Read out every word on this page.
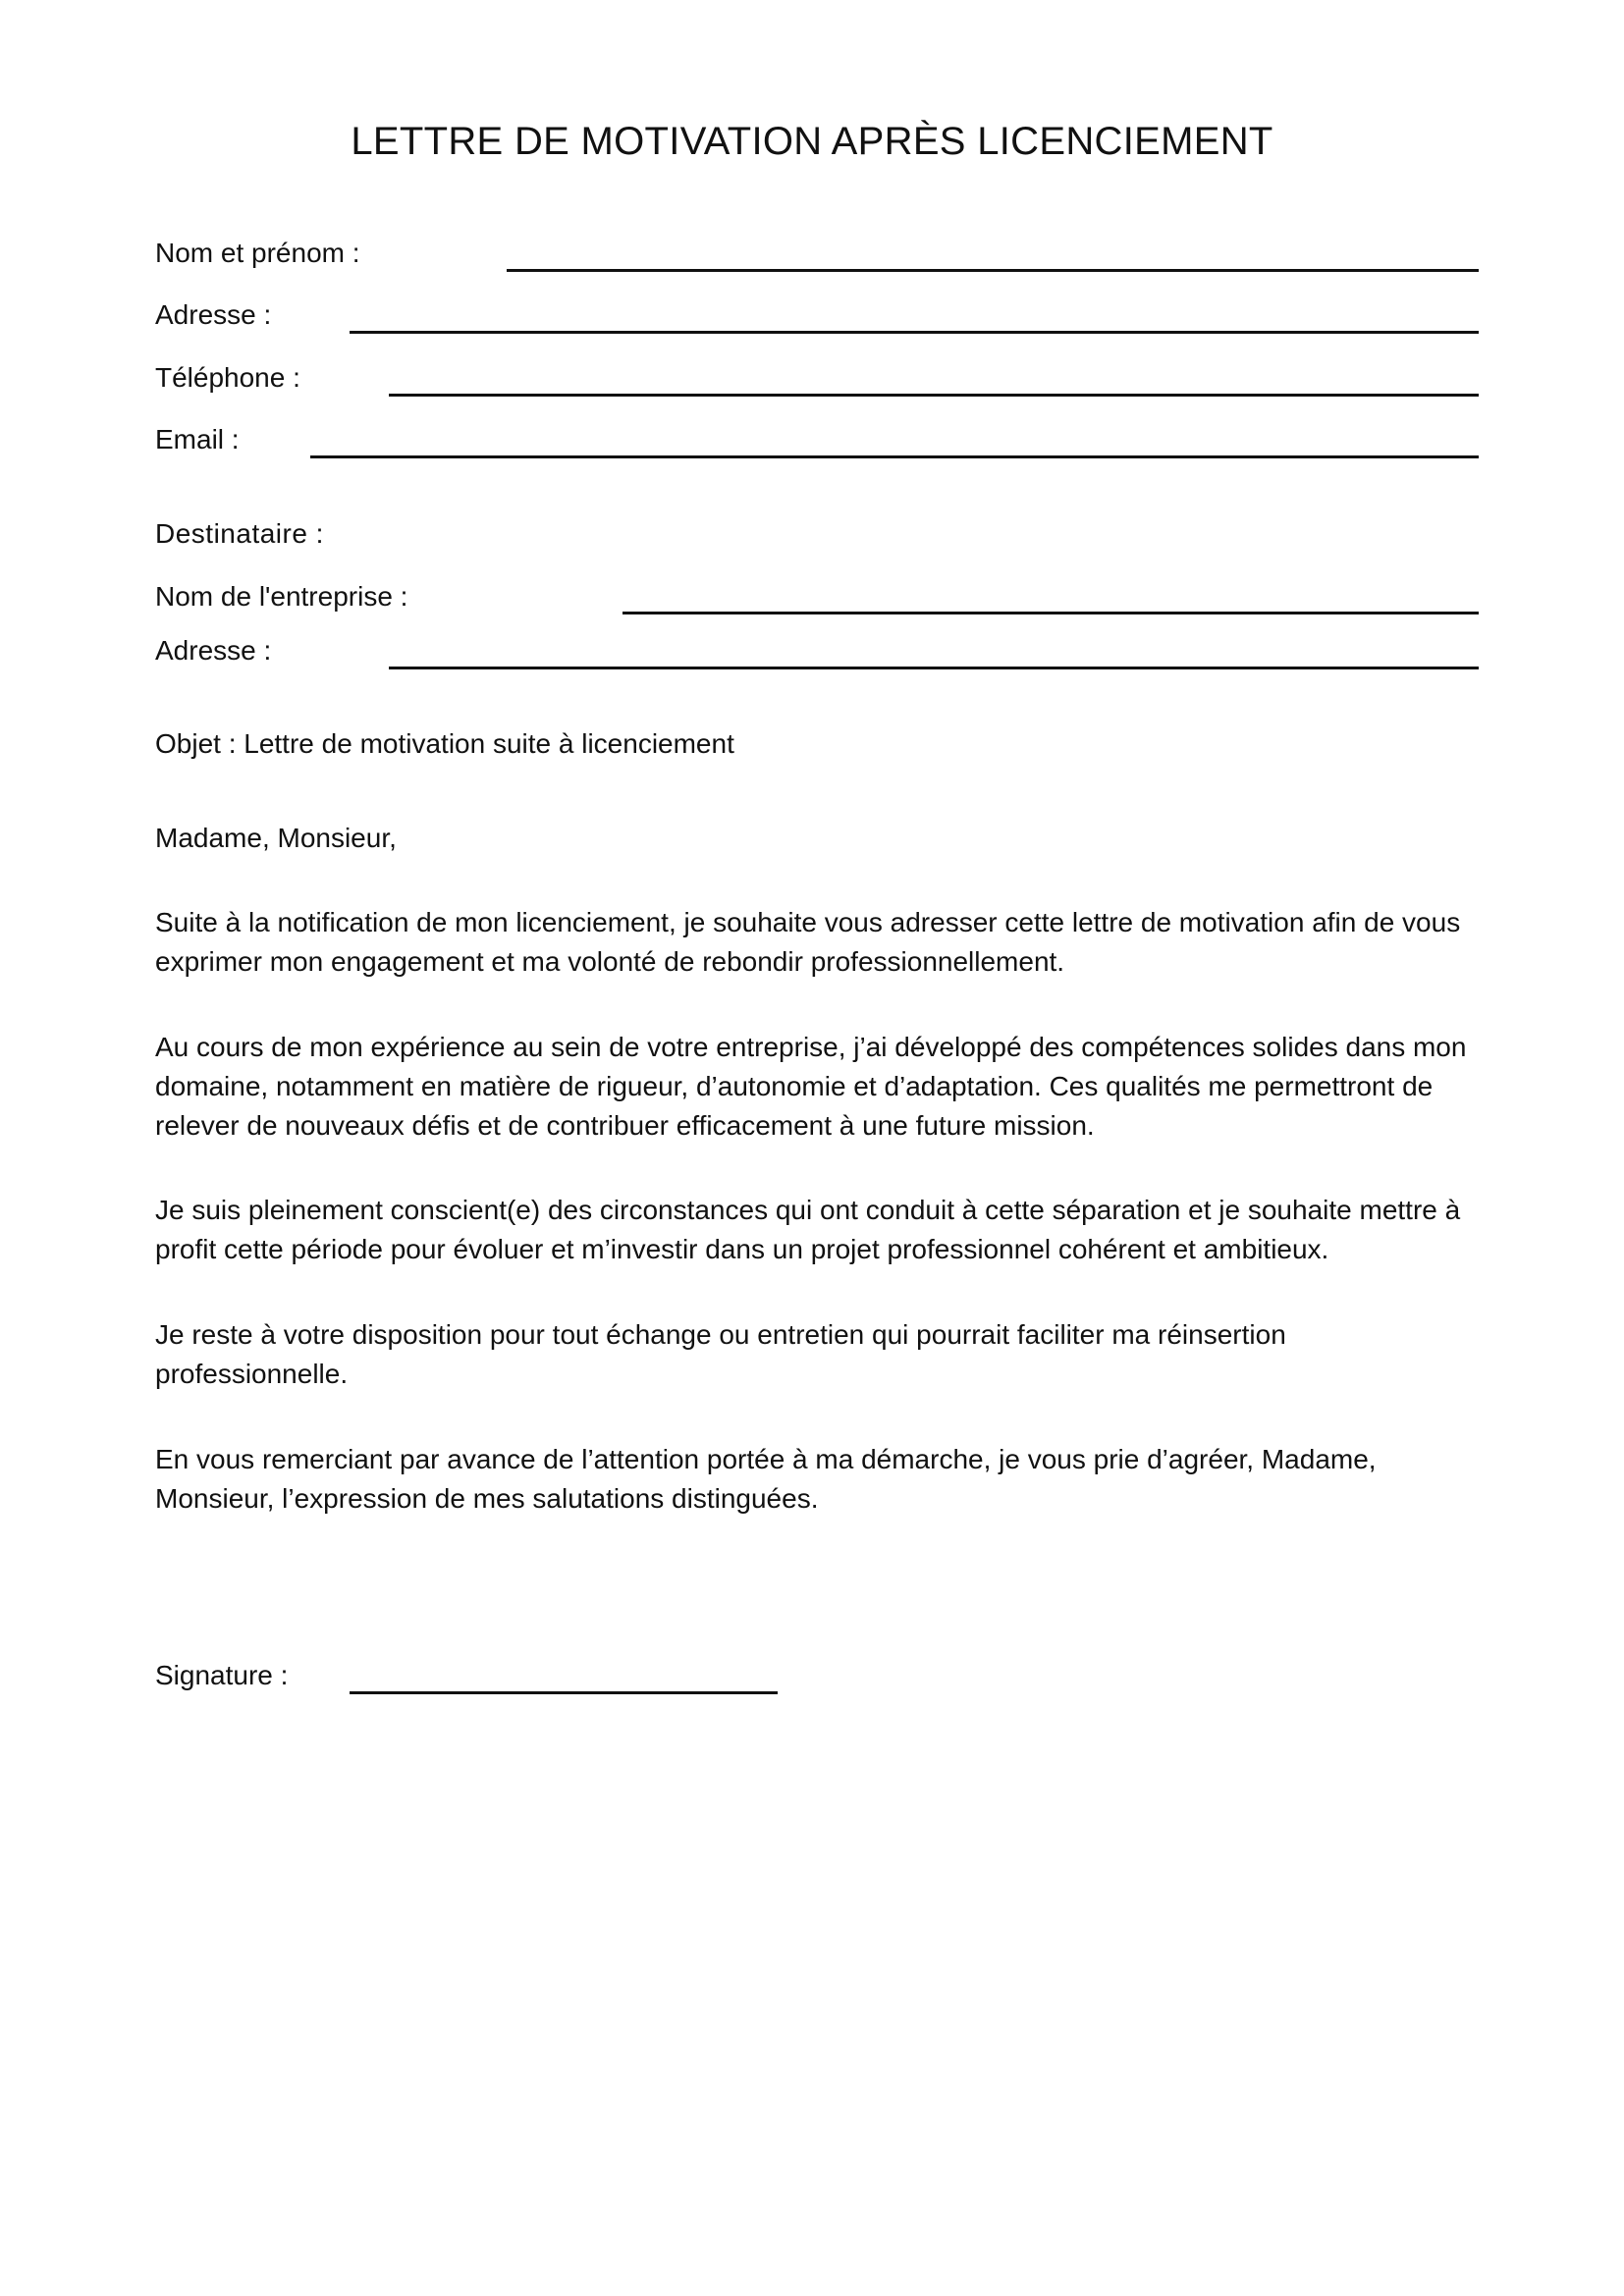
LETTRE DE MOTIVATION APRÈS LICENCIEMENT
Nom et prénom :
Adresse :
Téléphone :
Email :
Destinataire :
Nom de l'entreprise :
Adresse :
Objet : Lettre de motivation suite à licenciement
Madame, Monsieur,
Suite à la notification de mon licenciement, je souhaite vous adresser cette lettre de motivation afin de vous
exprimer mon engagement et ma volonté de rebondir professionnellement.
Au cours de mon expérience au sein de votre entreprise, j’ai développé des compétences solides dans mon
domaine, notamment en matière de rigueur, d’autonomie et d’adaptation. Ces qualités me permettront de
relever de nouveaux défis et de contribuer efficacement à une future mission.
Je suis pleinement conscient(e) des circonstances qui ont conduit à cette séparation et je souhaite mettre à
profit cette période pour évoluer et m’investir dans un projet professionnel cohérent et ambitieux.
Je reste à votre disposition pour tout échange ou entretien qui pourrait faciliter ma réinsertion
professionnelle.
En vous remerciant par avance de l’attention portée à ma démarche, je vous prie d’agréer, Madame,
Monsieur, l’expression de mes salutations distinguées.
Signature :
